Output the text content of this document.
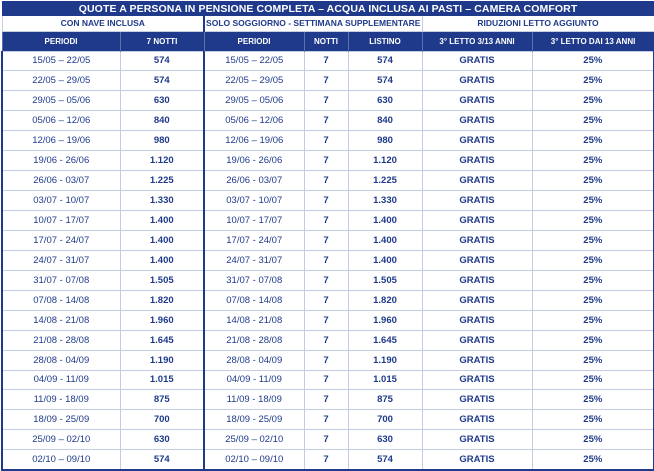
QUOTE A PERSONA IN PENSIONE COMPLETA – ACQUA INCLUSA AI PASTI – CAMERA COMFORT						
CON NAVE INCLUSA		SOLO SOGGIORNO - SETTIMANA SUPPLEMENTARE			RIDUZIONI LETTO AGGIUNTO	
PERIODI	7 NOTTI	PERIODI	NOTTI	LISTINO	3° LETTO 3/13 ANNI	3° LETTO DAI 13 ANNI
15/05 – 22/05	574	15/05 – 22/05	7	574	GRATIS	25%
22/05 – 29/05	574	22/05 – 29/05	7	574	GRATIS	25%
29/05 – 05/06	630	29/05 – 05/06	7	630	GRATIS	25%
05/06 – 12/06	840	05/06 – 12/06	7	840	GRATIS	25%
12/06 – 19/06	980	12/06 – 19/06	7	980	GRATIS	25%
19/06 - 26/06	1.120	19/06 - 26/06	7	1.120	GRATIS	25%
26/06 - 03/07	1.225	26/06 - 03/07	7	1.225	GRATIS	25%
03/07 - 10/07	1.330	03/07 - 10/07	7	1.330	GRATIS	25%
10/07 - 17/07	1.400	10/07 - 17/07	7	1.400	GRATIS	25%
17/07 - 24/07	1.400	17/07 - 24/07	7	1.400	GRATIS	25%
24/07 - 31/07	1.400	24/07 - 31/07	7	1.400	GRATIS	25%
31/07 - 07/08	1.505	31/07 - 07/08	7	1.505	GRATIS	25%
07/08 - 14/08	1.820	07/08 - 14/08	7	1.820	GRATIS	25%
14/08 - 21/08	1.960	14/08 - 21/08	7	1.960	GRATIS	25%
21/08 - 28/08	1.645	21/08 - 28/08	7	1.645	GRATIS	25%
28/08 - 04/09	1.190	28/08 - 04/09	7	1.190	GRATIS	25%
04/09 - 11/09	1.015	04/09 - 11/09	7	1.015	GRATIS	25%
11/09 - 18/09	875	11/09 - 18/09	7	875	GRATIS	25%
18/09 - 25/09	700	18/09 - 25/09	7	700	GRATIS	25%
25/09 – 02/10	630	25/09 – 02/10	7	630	GRATIS	25%
02/10 – 09/10	574	02/10 – 09/10	7	574	GRATIS	25%
